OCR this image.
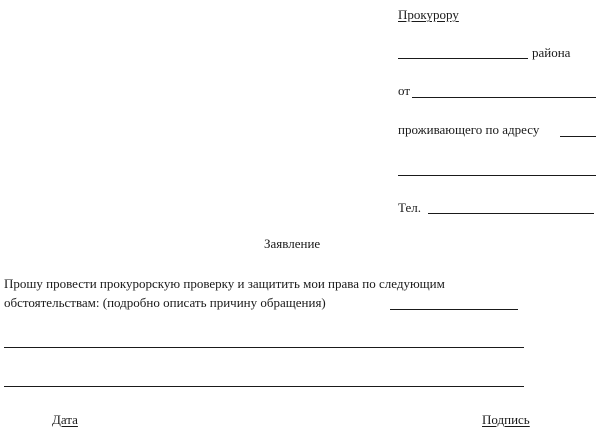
Прокурору
района
от
проживающего по адресу
Тел.
Заявление
Прошу провести прокурорскую проверку и защитить мои права по следующим
обстоятельствам: (подробно описать причину обращения)
Дата	Подпись
